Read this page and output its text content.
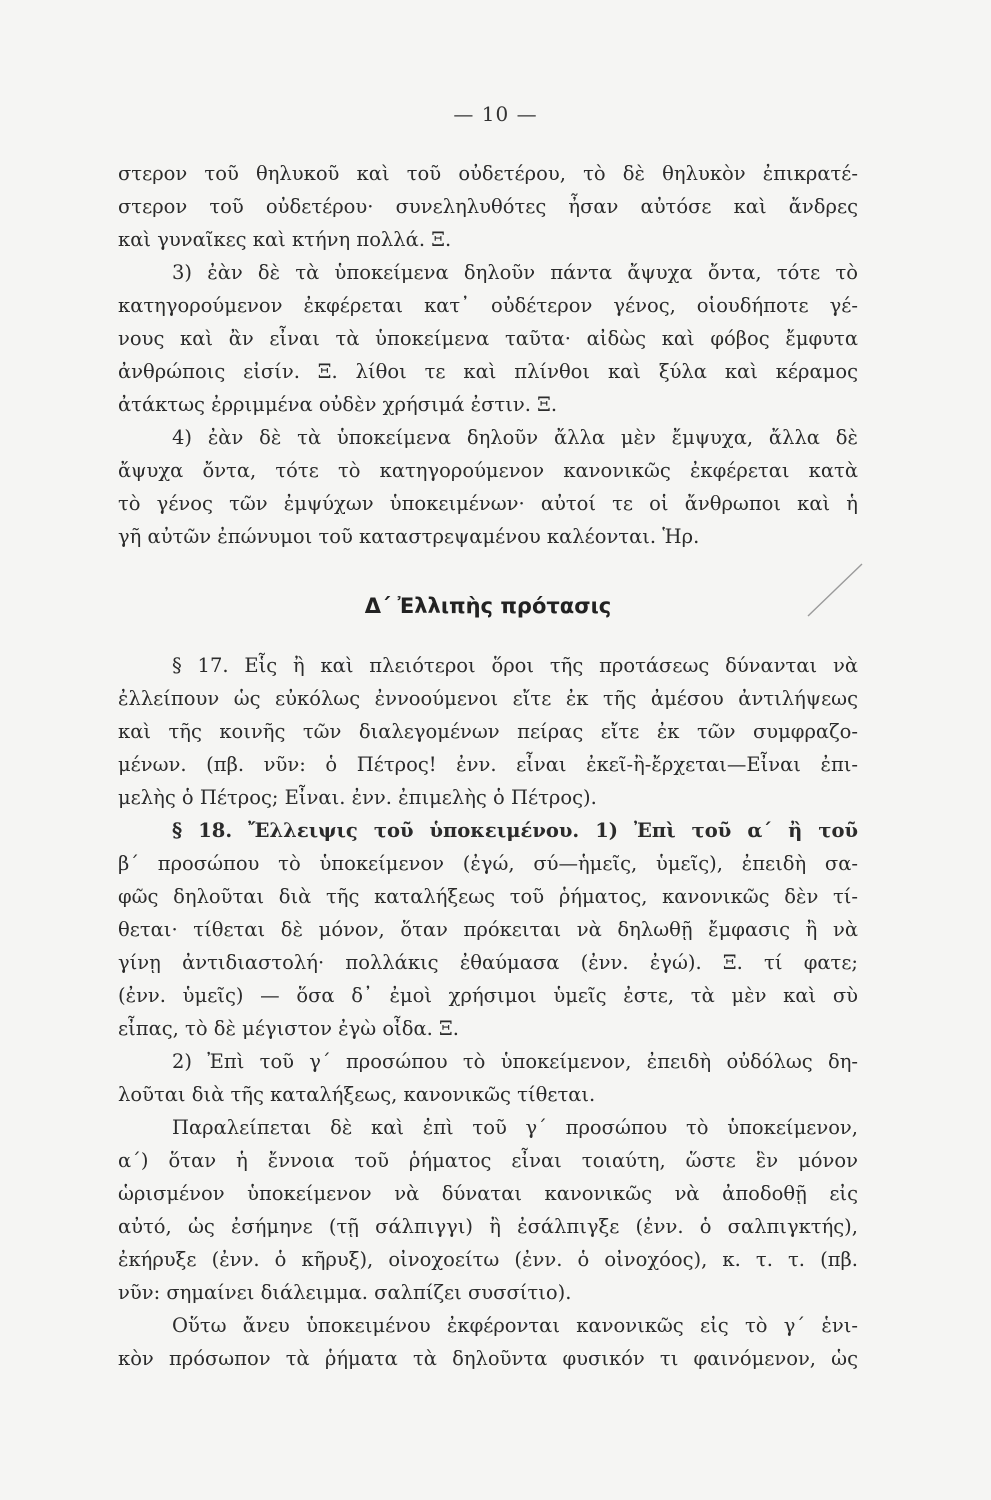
— 10 —
στερον τοῦ θηλυκοῦ καὶ τοῦ οὐδετέρου, τὸ δὲ θηλυκὸν ἐπικρατέ-
στερον τοῦ οὐδετέρου· συνεληλυθότες ἦσαν αὐτόσε καὶ ἄνδρες
καὶ γυναῖκες καὶ κτήνη πολλά. Ξ.
3) ἐὰν δὲ τὰ ὑποκείμενα δηλοῦν πάντα ἄψυχα ὄντα, τότε τὸ
κατηγορούμενον ἐκφέρεται κατ᾽ οὐδέτερον γένος, οἱουδήποτε γέ-
νους καὶ ἂν εἶναι τὰ ὑποκείμενα ταῦτα· αἰδὼς καὶ φόβος ἔμφυτα
ἀνθρώποις εἰσίν. Ξ. λίθοι τε καὶ πλίνθοι καὶ ξύλα καὶ κέραμος
ἀτάκτως ἐρριμμένα οὐδὲν χρήσιμά ἐστιν. Ξ.
4) ἐὰν δὲ τὰ ὑποκείμενα δηλοῦν ἄλλα μὲν ἔμψυχα, ἄλλα δὲ
ἄψυχα ὄντα, τότε τὸ κατηγορούμενον κανονικῶς ἐκφέρεται κατὰ
τὸ γένος τῶν ἐμψύχων ὑποκειμένων· αὐτοί τε οἱ ἄνθρωποι καὶ ἡ
γῆ αὐτῶν ἐπώνυμοι τοῦ καταστρεψαμένου καλέονται. Ἡρ.
Δ΄ Ἐλλιπὴς πρότασις
§ 17. Εἷς ἢ καὶ πλειότεροι ὅροι τῆς προτάσεως δύνανται νὰ
ἐλλείπουν ὡς εὐκόλως ἐννοούμενοι εἴτε ἐκ τῆς ἀμέσου ἀντιλήψεως
καὶ τῆς κοινῆς τῶν διαλεγομένων πείρας εἴτε ἐκ τῶν συμφραζο-
μένων. (πβ. νῦν: ὁ Πέτρος! ἐνν. εἶναι ἐκεῖ-ἢ-ἔρχεται—Εἶναι ἐπι-
μελὴς ὁ Πέτρος; Εἶναι. ἐνν. ἐπιμελὴς ὁ Πέτρος).
§ 18. Ἔλλειψις τοῦ ὑποκειμένου. 1) Ἐπὶ τοῦ α΄ ἢ τοῦ
β΄ προσώπου τὸ ὑποκείμενον (ἐγώ, σύ—ἡμεῖς, ὑμεῖς), ἐπειδὴ σα-
φῶς δηλοῦται διὰ τῆς καταλήξεως τοῦ ῥήματος, κανονικῶς δὲν τί-
θεται· τίθεται δὲ μόνον, ὅταν πρόκειται νὰ δηλωθῇ ἔμφασις ἢ νὰ
γίνῃ ἀντιδιαστολή· πολλάκις ἐθαύμασα (ἐνν. ἐγώ). Ξ. τί φατε;
(ἐνν. ὑμεῖς) — ὅσα δ᾽ ἐμοὶ χρήσιμοι ὑμεῖς ἐστε, τὰ μὲν καὶ σὺ
εἶπας, τὸ δὲ μέγιστον ἐγὼ οἶδα. Ξ.
2) Ἐπὶ τοῦ γ΄ προσώπου τὸ ὑποκείμενον, ἐπειδὴ οὐδόλως δη-
λοῦται διὰ τῆς καταλήξεως, κανονικῶς τίθεται.
Παραλείπεται δὲ καὶ ἐπὶ τοῦ γ΄ προσώπου τὸ ὑποκείμενον,
α΄) ὅταν ἡ ἔννοια τοῦ ῥήματος εἶναι τοιαύτη, ὥστε ἓν μόνον
ὡρισμένον ὑποκείμενον νὰ δύναται κανονικῶς νὰ ἀποδοθῇ εἰς
αὐτό, ὡς ἐσήμηνε (τῇ σάλπιγγι) ἢ ἐσάλπιγξε (ἐνν. ὁ σαλπιγκτής),
ἐκήρυξε (ἐνν. ὁ κῆρυξ), οἰνοχοείτω (ἐνν. ὁ οἰνοχόος), κ. τ. τ. (πβ.
νῦν: σημαίνει διάλειμμα. σαλπίζει συσσίτιο).
Οὕτω ἄνευ ὑποκειμένου ἐκφέρονται κανονικῶς εἰς τὸ γ΄ ἑνι-
κὸν πρόσωπον τὰ ῥήματα τὰ δηλοῦντα φυσικόν τι φαινόμενον, ὡς
